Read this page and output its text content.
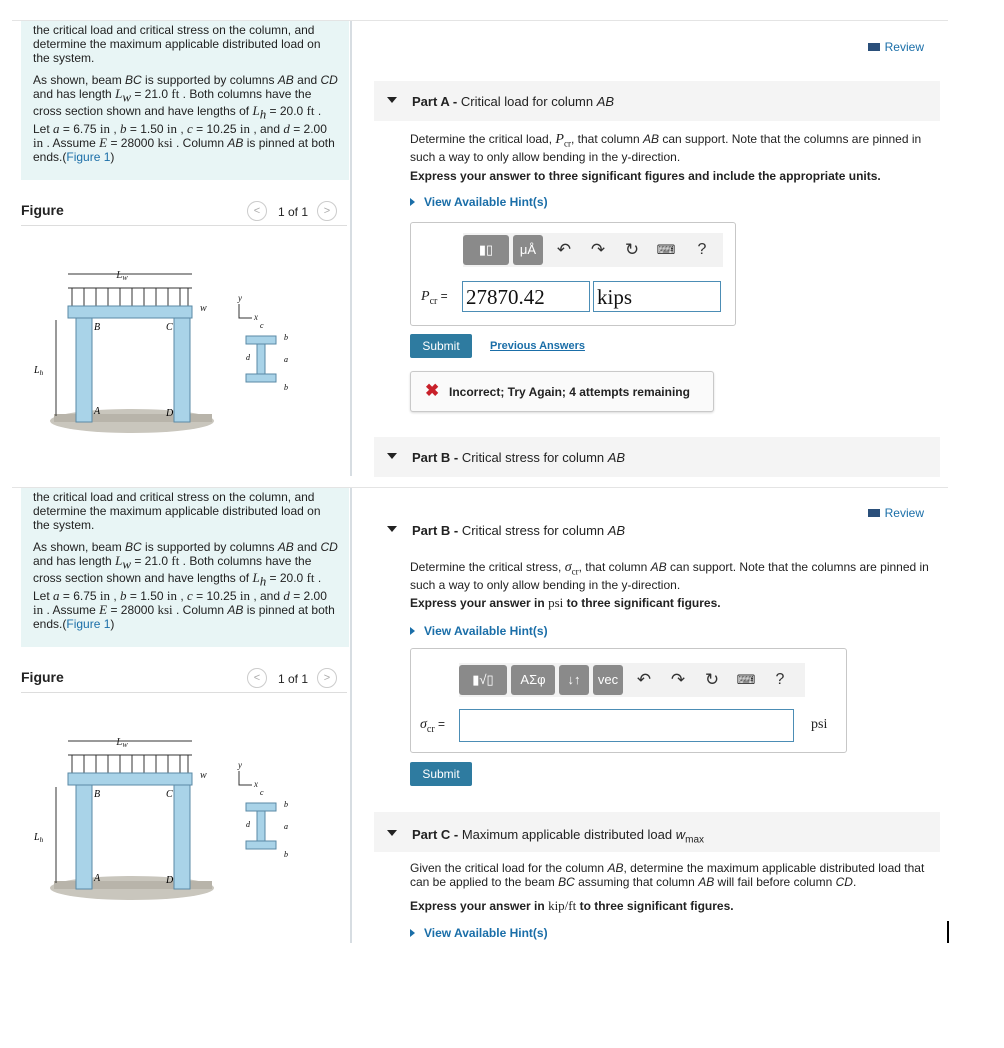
the critical load and critical stress on the column, and determine the maximum applicable distributed load on the system.

As shown, beam BC is supported by columns AB and CD and has length $L_w = 21.0$ ft . Both columns have the cross section shown and have lengths of $L_h = 20.0$ ft . Let a = 6.75 in , b = 1.50 in , c = 10.25 in , and d = 2.00 in . Assume E = 28000 ksi . Column AB is pinned at both ends.(Figure 1)

Figure	<	1 of 1	>
Lw
w
y
x
B	C
A	D
$L_h$
c
d	a
b
b
Review
Part A - Critical load for column AB
Determine the critical load, $P_{cr}$, that column AB can support. Note that the columns are pinned in such a way to only allow bending in the y-direction.
Express your answer to three significant figures and include the appropriate units.
View Available Hint(s)
▮▯	μÅ	↶	↷	↻	⌨	?
$P_{cr} = 27870.42$	kips
Submit	Previous Answers
✖ Incorrect; Try Again; 4 attempts remaining
Part B - Critical stress for column AB

the critical load and critical stress on the column, and determine the maximum applicable distributed load on the system.

As shown, beam BC is supported by columns AB and CD and has length $L_w = 21.0$ ft . Both columns have the cross section shown and have lengths of $L_h = 20.0$ ft . Let a = 6.75 in , b = 1.50 in , c = 10.25 in , and d = 2.00 in . Assume E = 28000 ksi . Column AB is pinned at both ends.(Figure 1)

Figure	<	1 of 1	>
Lw
w
y
x
B	C
A	D
$L_h$
c
d	a
b
b
Review
Part B - Critical stress for column AB
Determine the critical stress, $\sigma_{cr}$, that column AB can support. Note that the columns are pinned in such a way to only allow bending in the y-direction.
Express your answer in psi to three significant figures.
View Available Hint(s)
▮√▯	ΑΣφ	↓↑	vec	↶	↷	↻	⌨	?
$\sigma_{cr}$ =	psi
Submit
Part C - Maximum applicable distributed load $w_{max}$
Given the critical load for the column AB, determine the maximum applicable distributed load that can be applied to the beam BC assuming that column AB will fail before column CD.
Express your answer in kip/ft to three significant figures.
View Available Hint(s)
